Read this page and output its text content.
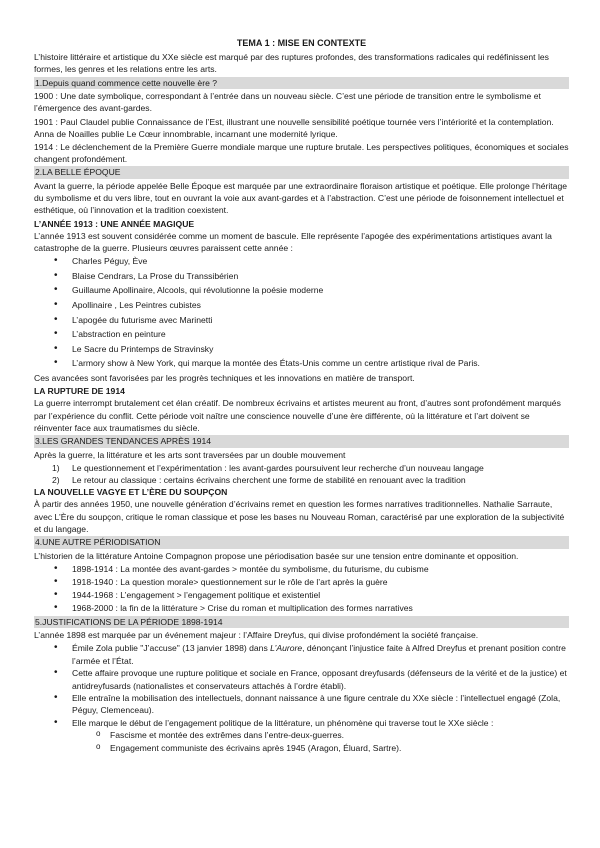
TEMA 1 : MISE EN CONTEXTE

L’histoire littéraire et artistique du XXe siècle est marqué par des ruptures profondes, des transformations radicales qui redéfinissent les formes, les genres et les relations entre les arts.

1.Depuis quand commence cette nouvelle ère ?

1900 : Une date symbolique, correspondant à l’entrée dans un nouveau siècle. C’est une période de transition entre le symbolisme et l’émergence des avant-gardes.

1901 : Paul Claudel publie Connaissance de l’Est, illustrant une nouvelle sensibilité poétique tournée vers l’intériorité et la contemplation. Anna de Noailles publie Le Cœur innombrable, incarnant une modernité lyrique.

1914 : Le déclenchement de la Première Guerre mondiale marque une rupture brutale. Les perspectives politiques, économiques et sociales changent profondément.

2.LA BELLE ÉPOQUE

Avant la guerre, la période appelée Belle Époque est marquée par une extraordinaire floraison artistique et poétique. Elle prolonge l’héritage du symbolisme et du vers libre, tout en ouvrant la voie aux avant-gardes et à l’abstraction. C’est une période de foisonnement intellectuel et esthétique, où l’innovation et la tradition coexistent.

L’ANNÉE 1913 : UNE ANNÉE MAGIQUE

L’année 1913 est souvent considérée comme un moment de bascule. Elle représente l’apogée des expérimentations artistiques avant la catastrophe de la guerre. Plusieurs œuvres paraissent cette année :

• Charles Péguy, Ève
• Blaise Cendrars, La Prose du Transsibérien
• Guillaume Apollinaire, Alcools, qui révolutionne la poésie moderne
• Apollinaire , Les Peintres cubistes
• L’apogée du futurisme avec Marinetti
• L’abstraction en peinture
• Le Sacre du Printemps de Stravinsky
• L’armory show à New York, qui marque la montée des États-Unis comme un centre artistique rival de Paris.

Ces avancées sont favorisées par les progrès techniques et les innovations en matière de transport.

LA RUPTURE DE 1914

La guerre interrompt brutalement cet élan créatif. De nombreux écrivains et artistes meurent au front, d’autres sont profondément marqués par l’expérience du conflit. Cette période voit naître une conscience nouvelle d’une ère différente, où la littérature et l’art doivent se réinventer face aux traumatismes du siècle.

3.LES GRANDES TENDANCES APRÈS 1914

Après la guerre, la littérature et les arts sont traversées par un double mouvement

1) Le questionnement et l’expérimentation : les avant-gardes poursuivent leur recherche d’un nouveau langage
2) Le retour au classique : certains écrivains cherchent une forme de stabilité en renouant avec la tradition
LA NOUVELLE VAGYE ET L’ÈRE DU SOUPÇON

À partir des années 1950, une nouvelle génération d’écrivains remet en question les formes narratives traditionnelles. Nathalie Sarraute, avec L’Ère du soupçon, critique le roman classique et pose les bases nu Nouveau Roman, caractérisé par une exploration de la subjectivité et du langage.

4.UNE AUTRE PÉRIODISATION

L’historien de la littérature Antoine Compagnon propose une périodisation basée sur une tension entre dominante et opposition.

• 1898-1914 : La montée des avant-gardes > montée du symbolisme, du futurisme, du cubisme
• 1918-1940 : La question morale> questionnement sur le rôle de l’art après la guère
• 1944-1968 : L’engagement > l’engagement politique et existentiel
• 1968-2000 : la fin de la littérature > Crise du roman et multiplication des formes narratives
5.JUSTIFICATIONS DE LA PÉRIODE 1898-1914

L’année 1898 est marquée par un événement majeur : l’Affaire Dreyfus, qui divise profondément la société française.

• Émile Zola publie "J’accuse" (13 janvier 1898) dans L’Aurore, dénonçant l’injustice faite à Alfred Dreyfus et prenant position contre l’armée et l’État.
• Cette affaire provoque une rupture politique et sociale en France, opposant dreyfusards (défenseurs de la vérité et de la justice) et antidreyfusards (nationalistes et conservateurs attachés à l’ordre établi).
• Elle entraîne la mobilisation des intellectuels, donnant naissance à une figure centrale du XXe siècle : l’intellectuel engagé (Zola, Péguy, Clemenceau).
• Elle marque le début de l’engagement politique de la littérature, un phénomène qui traverse tout le XXe siècle :
o Fascisme et montée des extrêmes dans l’entre-deux-guerres.
o Engagement communiste des écrivains après 1945 (Aragon, Éluard, Sartre).
